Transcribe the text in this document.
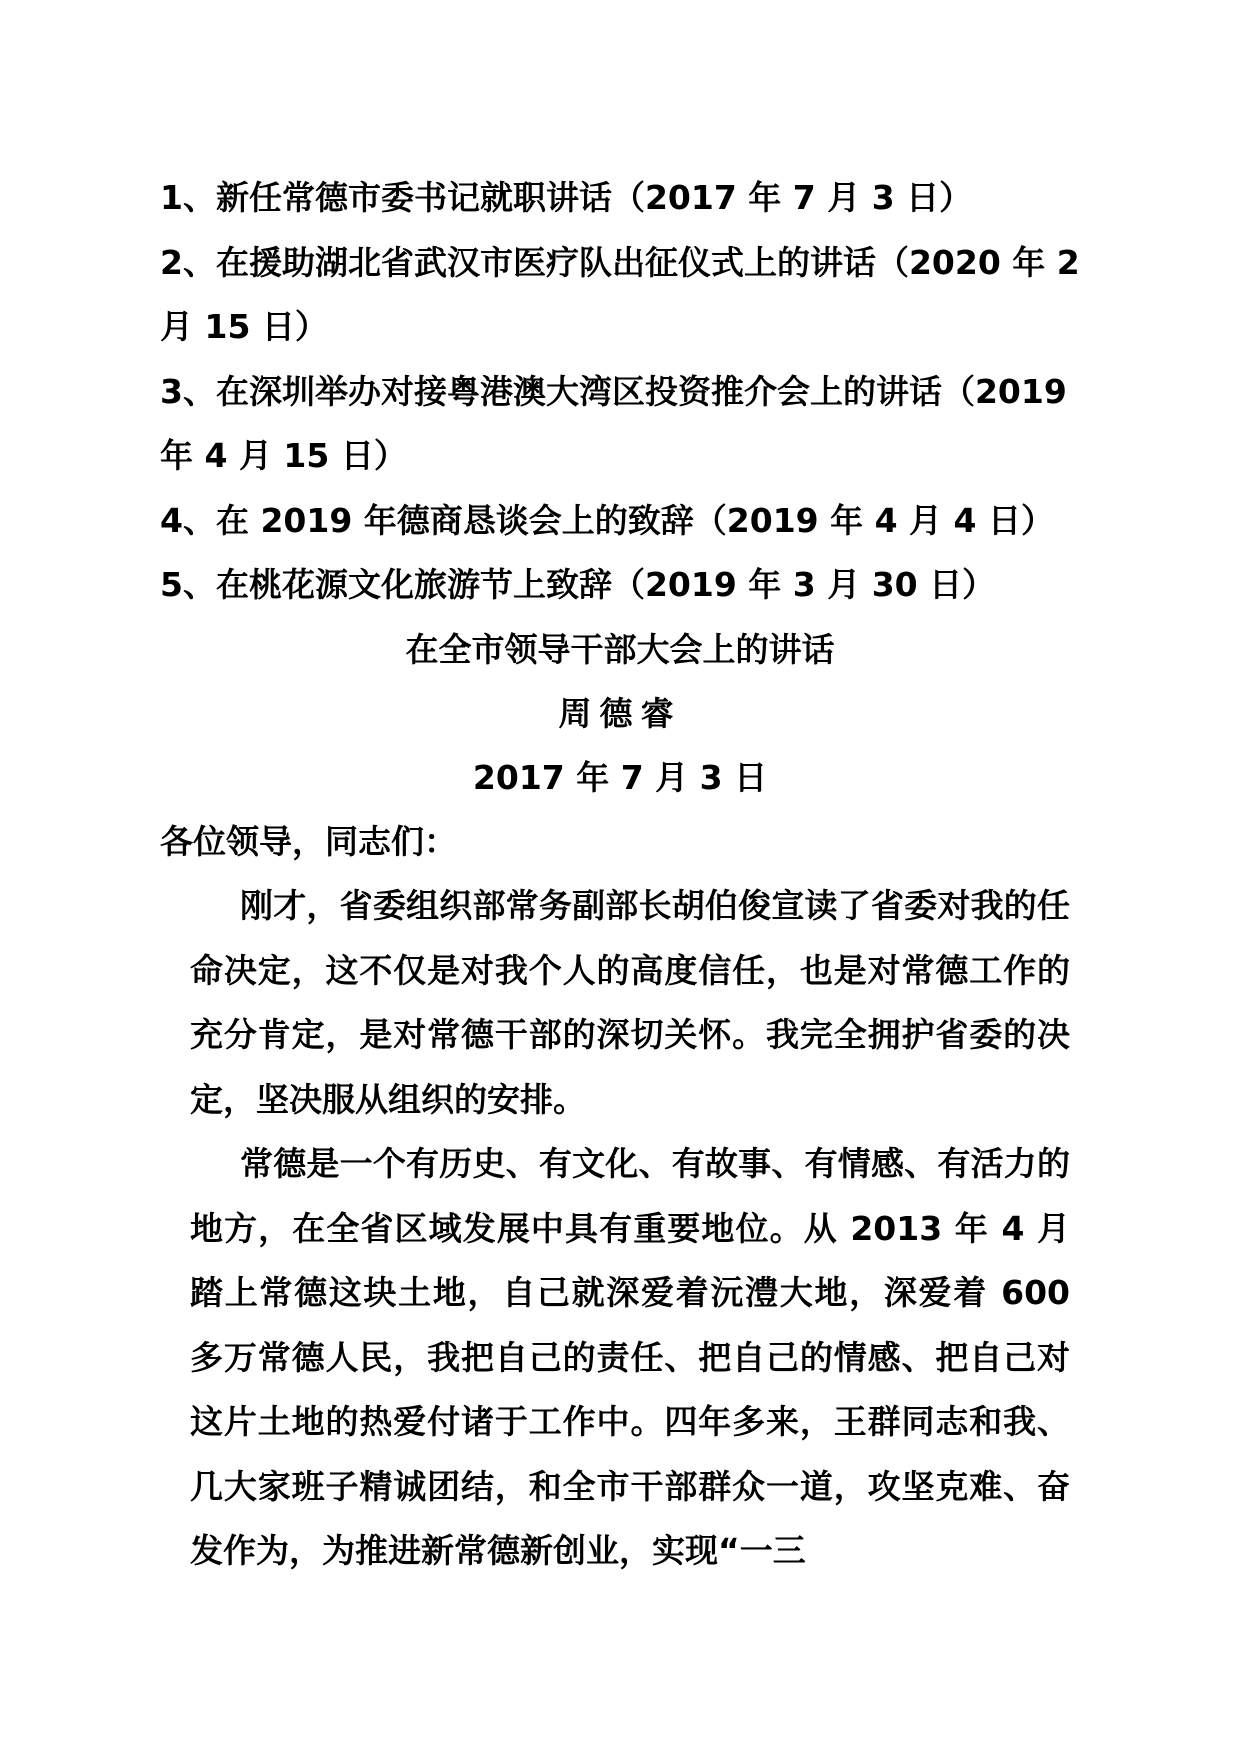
1、新任常德市委书记就职讲话（2017 年 7 月 3 日）
2、在援助湖北省武汉市医疗队出征仪式上的讲话（2020 年 2 月 15 日）
3、在深圳举办对接粤港澳大湾区投资推介会上的讲话（2019 年 4 月 15 日）
4、在 2019 年德商恳谈会上的致辞（2019 年 4 月 4 日）
5、在桃花源文化旅游节上致辞（2019 年 3 月 30 日）
在全市领导干部大会上的讲话
周德睿
2017 年 7 月 3 日
各位领导，同志们：

刚才，省委组织部常务副部长胡伯俊宣读了省委对我的任命决定，这不仅是对我个人的高度信任，也是对常德工作的充分肯定，是对常德干部的深切关怀。我完全拥护省委的决定，坚决服从组织的安排。

常德是一个有历史、有文化、有故事、有情感、有活力的地方，在全省区域发展中具有重要地位。从 2013 年 4 月踏上常德这块土地，自己就深爱着沅澧大地，深爱着 600 多万常德人民，我把自己的责任、把自己的情感、把自己对这片土地的热爱付诸于工作中。四年多来，王群同志和我、几大家班子精诚团结，和全市干部群众一道，攻坚克难、奋发作为，为推进新常德新创业，实现“一三
